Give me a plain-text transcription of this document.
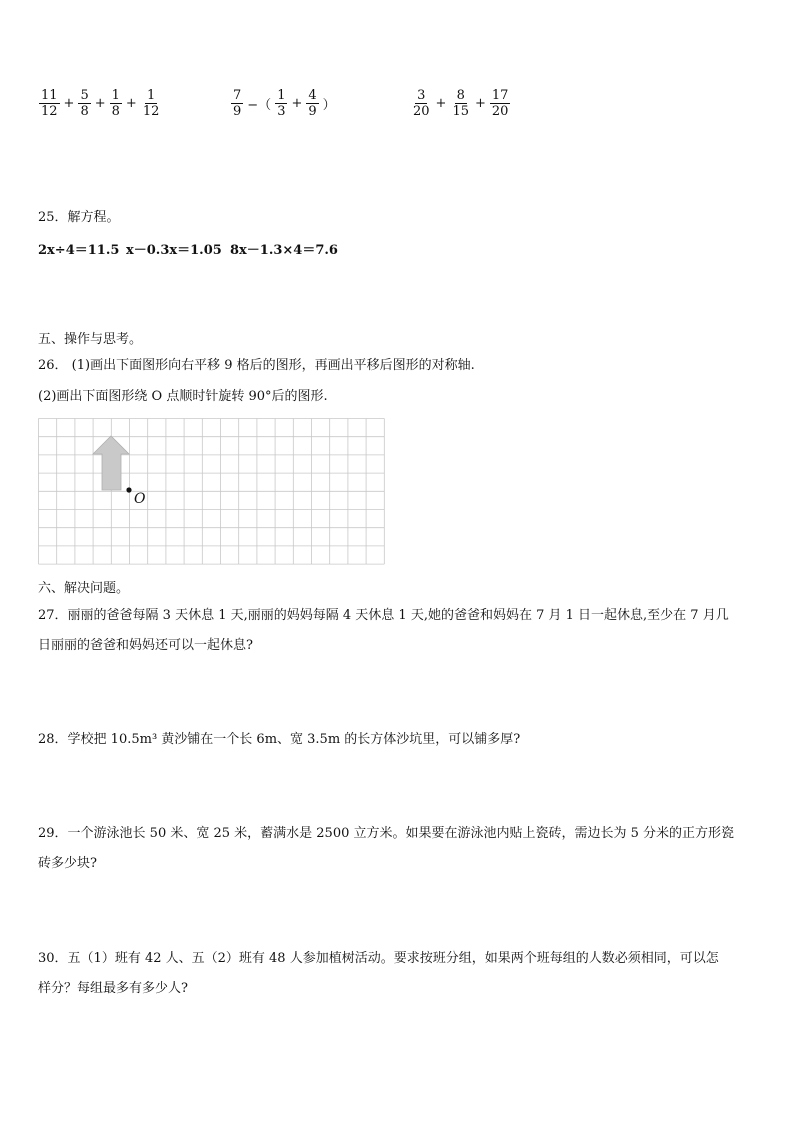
$\frac{11}{12} + \frac{5}{8} + \frac{1}{8} + \frac{1}{12}$	$\frac{7}{9}$ −（ $\frac{1}{3} + \frac{4}{9}$ ）	$\frac{3}{20} + \frac{8}{15} + \frac{17}{20}$
25．解方程。
2x÷4＝11.5 x－0.3x＝1.05 8x－1.3×4＝7.6
五、操作与思考。
26． (1)画出下面图形向右平移 9 格后的图形，再画出平移后图形的对称轴.
(2)画出下面图形绕 O 点顺时针旋转 90°后的图形.
O
六、解决问题。
27．丽丽的爸爸每隔 3 天休息 1 天,丽丽的妈妈每隔 4 天休息 1 天,她的爸爸和妈妈在 7 月 1 日一起休息,至少在 7 月几
日丽丽的爸爸和妈妈还可以一起休息?
28．学校把 10.5m³ 黄沙铺在一个长 6m、宽 3.5m 的长方体沙坑里，可以铺多厚?
29．一个游泳池长 50 米、宽 25 米，蓄满水是 2500 立方米。如果要在游泳池内贴上瓷砖，需边长为 5 分米的正方形瓷
砖多少块?
30．五（1）班有 42 人、五（2）班有 48 人参加植树活动。要求按班分组，如果两个班每组的人数必须相同，可以怎
样分？每组最多有多少人?
